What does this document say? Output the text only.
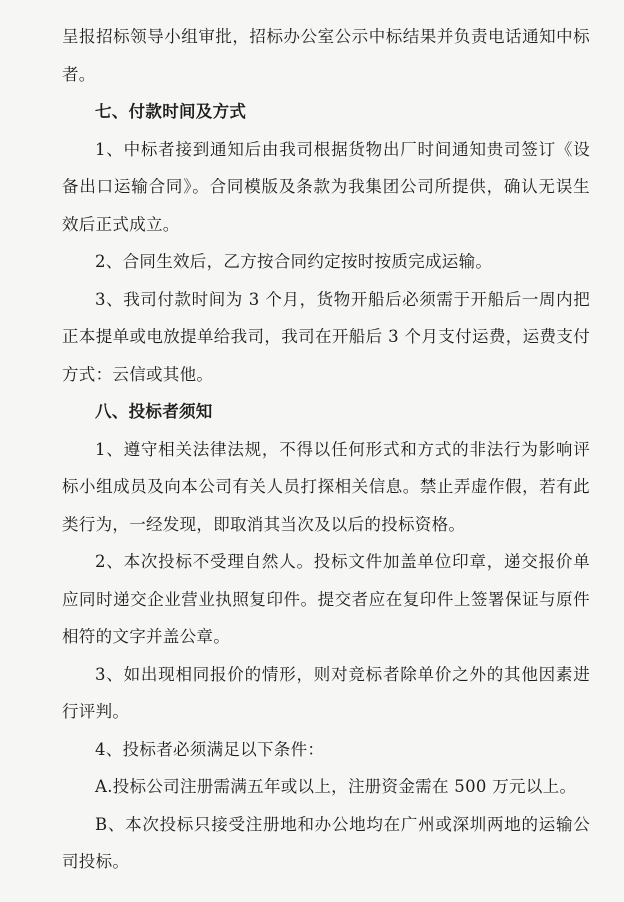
呈报招标领导小组审批，招标办公室公示中标结果并负责电话通知中标者。

七、付款时间及方式

1、中标者接到通知后由我司根据货物出厂时间通知贵司签订《设备出口运输合同》。合同模版及条款为我集团公司所提供，确认无误生效后正式成立。

2、合同生效后，乙方按合同约定按时按质完成运输。

3、我司付款时间为 3 个月，货物开船后必须需于开船后一周内把正本提单或电放提单给我司，我司在开船后 3 个月支付运费，运费支付方式：云信或其他。

八、投标者须知

1、遵守相关法律法规，不得以任何形式和方式的非法行为影响评标小组成员及向本公司有关人员打探相关信息。禁止弄虚作假，若有此类行为，一经发现，即取消其当次及以后的投标资格。

2、本次投标不受理自然人。投标文件加盖单位印章，递交报价单应同时递交企业营业执照复印件。提交者应在复印件上签署保证与原件相符的文字并盖公章。

3、如出现相同报价的情形，则对竞标者除单价之外的其他因素进行评判。

4、投标者必须满足以下条件：

A.投标公司注册需满五年或以上，注册资金需在 500 万元以上。

B、本次投标只接受注册地和办公地均在广州或深圳两地的运输公司投标。
